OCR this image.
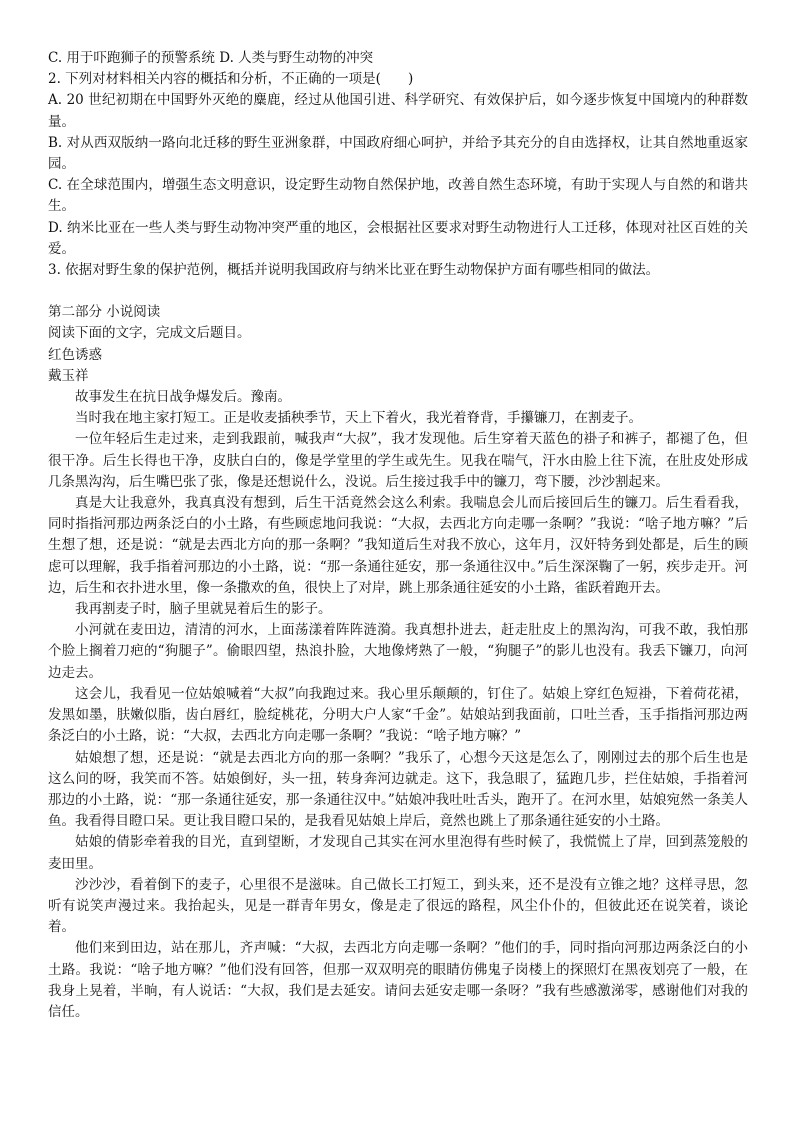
C. 用于吓跑狮子的预警系统 D. 人类与野生动物的冲突

2. 下列对材料相关内容的概括和分析，不正确的一项是(　　)

A. 20 世纪初期在中国野外灭绝的麋鹿，经过从他国引进、科学研究、有效保护后，如今逐步恢复中国境内的种群数量。

B. 对从西双版纳一路向北迁移的野生亚洲象群，中国政府细心呵护，并给予其充分的自由选择权，让其自然地重返家园。

C. 在全球范围内，增强生态文明意识，设定野生动物自然保护地，改善自然生态环境，有助于实现人与自然的和谐共生。

D. 纳米比亚在一些人类与野生动物冲突严重的地区，会根据社区要求对野生动物进行人工迁移，体现对社区百姓的关爱。

3. 依据对野生象的保护范例，概括并说明我国政府与纳米比亚在野生动物保护方面有哪些相同的做法。

第二部分 小说阅读

阅读下面的文字，完成文后题目。

红色诱惑

戴玉祥

故事发生在抗日战争爆发后。豫南。

当时我在地主家打短工。正是收麦插秧季节，天上下着火，我光着脊背，手攥镰刀，在割麦子。

一位年轻后生走过来，走到我跟前，喊我声“大叔”，我才发现他。后生穿着天蓝色的褂子和裤子，都褪了色，但很干净。后生长得也干净，皮肤白白的，像是学堂里的学生或先生。见我在喘气，汗水由脸上往下流，在肚皮处形成几条黑沟沟，后生嘴巴张了张，像是还想说什么，没说。后生接过我手中的镰刀，弯下腰，沙沙割起来。

真是大让我意外，我真真没有想到，后生干活竟然会这么利索。我喘息会儿而后接回后生的镰刀。后生看看我，同时指指河那边两条泛白的小土路，有些顾虑地问我说：“大叔，去西北方向走哪一条啊？”我说：“啥子地方嘛？”后生想了想，还是说：“就是去西北方向的那一条啊？”我知道后生对我不放心，这年月，汉奸特务到处都是，后生的顾虑可以理解，我手指着河那边的小土路，说：“那一条通往延安，那一条通往汉中。”后生深深鞠了一躬，疾步走开。河边，后生和衣扑进水里，像一条撒欢的鱼，很快上了对岸，跳上那条通往延安的小土路，雀跃着跑开去。

我再割麦子时，脑子里就晃着后生的影子。

小河就在麦田边，清清的河水，上面荡漾着阵阵涟漪。我真想扑进去，赶走肚皮上的黑沟沟，可我不敢，我怕那个脸上搁着刀疤的“狗腿子”。偷眼四望，热浪扑脸，大地像烤熟了一般，“狗腿子”的影儿也没有。我丢下镰刀，向河边走去。

这会儿，我看见一位姑娘喊着“大叔”向我跑过来。我心里乐颠颠的，钉住了。姑娘上穿红色短褂，下着荷花裙，发黑如墨，肤嫩似脂，齿白唇红，脸绽桃花，分明大户人家“千金”。姑娘站到我面前，口吐兰香，玉手指指河那边两条泛白的小土路，说：“大叔，去西北方向走哪一条啊？”我说：“啥子地方嘛？”

姑娘想了想，还是说：“就是去西北方向的那一条啊？”我乐了，心想今天这是怎么了，刚刚过去的那个后生也是这么问的呀，我笑而不答。姑娘倒好，头一扭，转身奔河边就走。这下，我急眼了，猛跑几步，拦住姑娘，手指着河那边的小土路，说：“那一条通往延安，那一条通往汉中。”姑娘冲我吐吐舌头，跑开了。在河水里，姑娘宛然一条美人鱼。我看得目瞪口呆。更让我目瞪口呆的，是我看见姑娘上岸后，竟然也跳上了那条通往延安的小土路。

姑娘的倩影牵着我的目光，直到望断，才发现自己其实在河水里泡得有些时候了，我慌慌上了岸，回到蒸笼般的麦田里。

沙沙沙，看着倒下的麦子，心里很不是滋味。自己做长工打短工，到头来，还不是没有立锥之地？这样寻思，忽听有说笑声漫过来。我抬起头，见是一群青年男女，像是走了很远的路程，风尘仆仆的，但彼此还在说笑着，谈论着。

他们来到田边，站在那儿，齐声喊：“大叔，去西北方向走哪一条啊？”他们的手，同时指向河那边两条泛白的小土路。我说：“啥子地方嘛？”他们没有回答，但那一双双明亮的眼睛仿佛鬼子岗楼上的探照灯在黑夜划亮了一般，在我身上晃着，半晌，有人说话：“大叔，我们是去延安。请问去延安走哪一条呀？”我有些感激涕零，感谢他们对我的信任。
